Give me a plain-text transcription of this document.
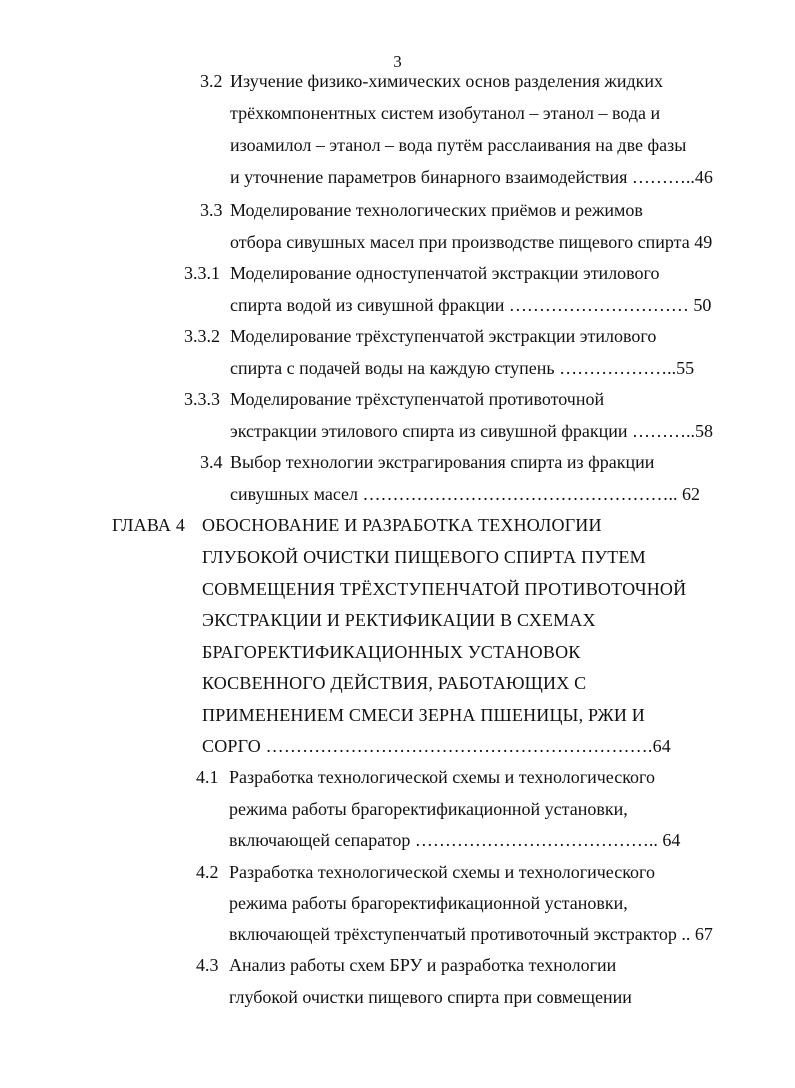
3
3.2 Изучение физико-химических основ разделения жидких
трёхкомпонентных систем изобутанол – этанол – вода и
изоамилол – этанол – вода путём расслаивания на две фазы
и уточнение параметров бинарного взаимодействия ………..46
3.3 Моделирование технологических приёмов и режимов
отбора сивушных масел при производстве пищевого спирта 49
3.3.1 Моделирование одноступенчатой экстракции этилового
спирта водой из сивушной фракции ………………………… 50
3.3.2 Моделирование трёхступенчатой экстракции этилового
спирта с подачей воды на каждую ступень ………………..55
3.3.3 Моделирование трёхступенчатой противоточной
экстракции этилового спирта из сивушной фракции ………..58
3.4 Выбор технологии экстрагирования спирта из фракции
сивушных масел …………………………………………….. 62
ГЛАВА 4 ОБОСНОВАНИЕ И РАЗРАБОТКА ТЕХНОЛОГИИ
ГЛУБОКОЙ ОЧИСТКИ ПИЩЕВОГО СПИРТА ПУТЕМ
СОВМЕЩЕНИЯ ТРЁХСТУПЕНЧАТОЙ ПРОТИВОТОЧНОЙ
ЭКСТРАКЦИИ И РЕКТИФИКАЦИИ В СХЕМАХ
БРАГОРЕКТИФИКАЦИОННЫХ УСТАНОВОК
КОСВЕННОГО ДЕЙСТВИЯ, РАБОТАЮЩИХ С
ПРИМЕНЕНИЕМ СМЕСИ ЗЕРНА ПШЕНИЦЫ, РЖИ И
СОРГО ……………………………………………………….64
4.1 Разработка технологической схемы и технологического
режима работы брагоректификационной установки,
включающей сепаратор ………………………………….. 64
4.2 Разработка технологической схемы и технологического
режима работы брагоректификационной установки,
включающей трёхступенчатый противоточный экстрактор .. 67
4.3 Анализ работы схем БРУ и разработка технологии
глубокой очистки пищевого спирта при совмещении
